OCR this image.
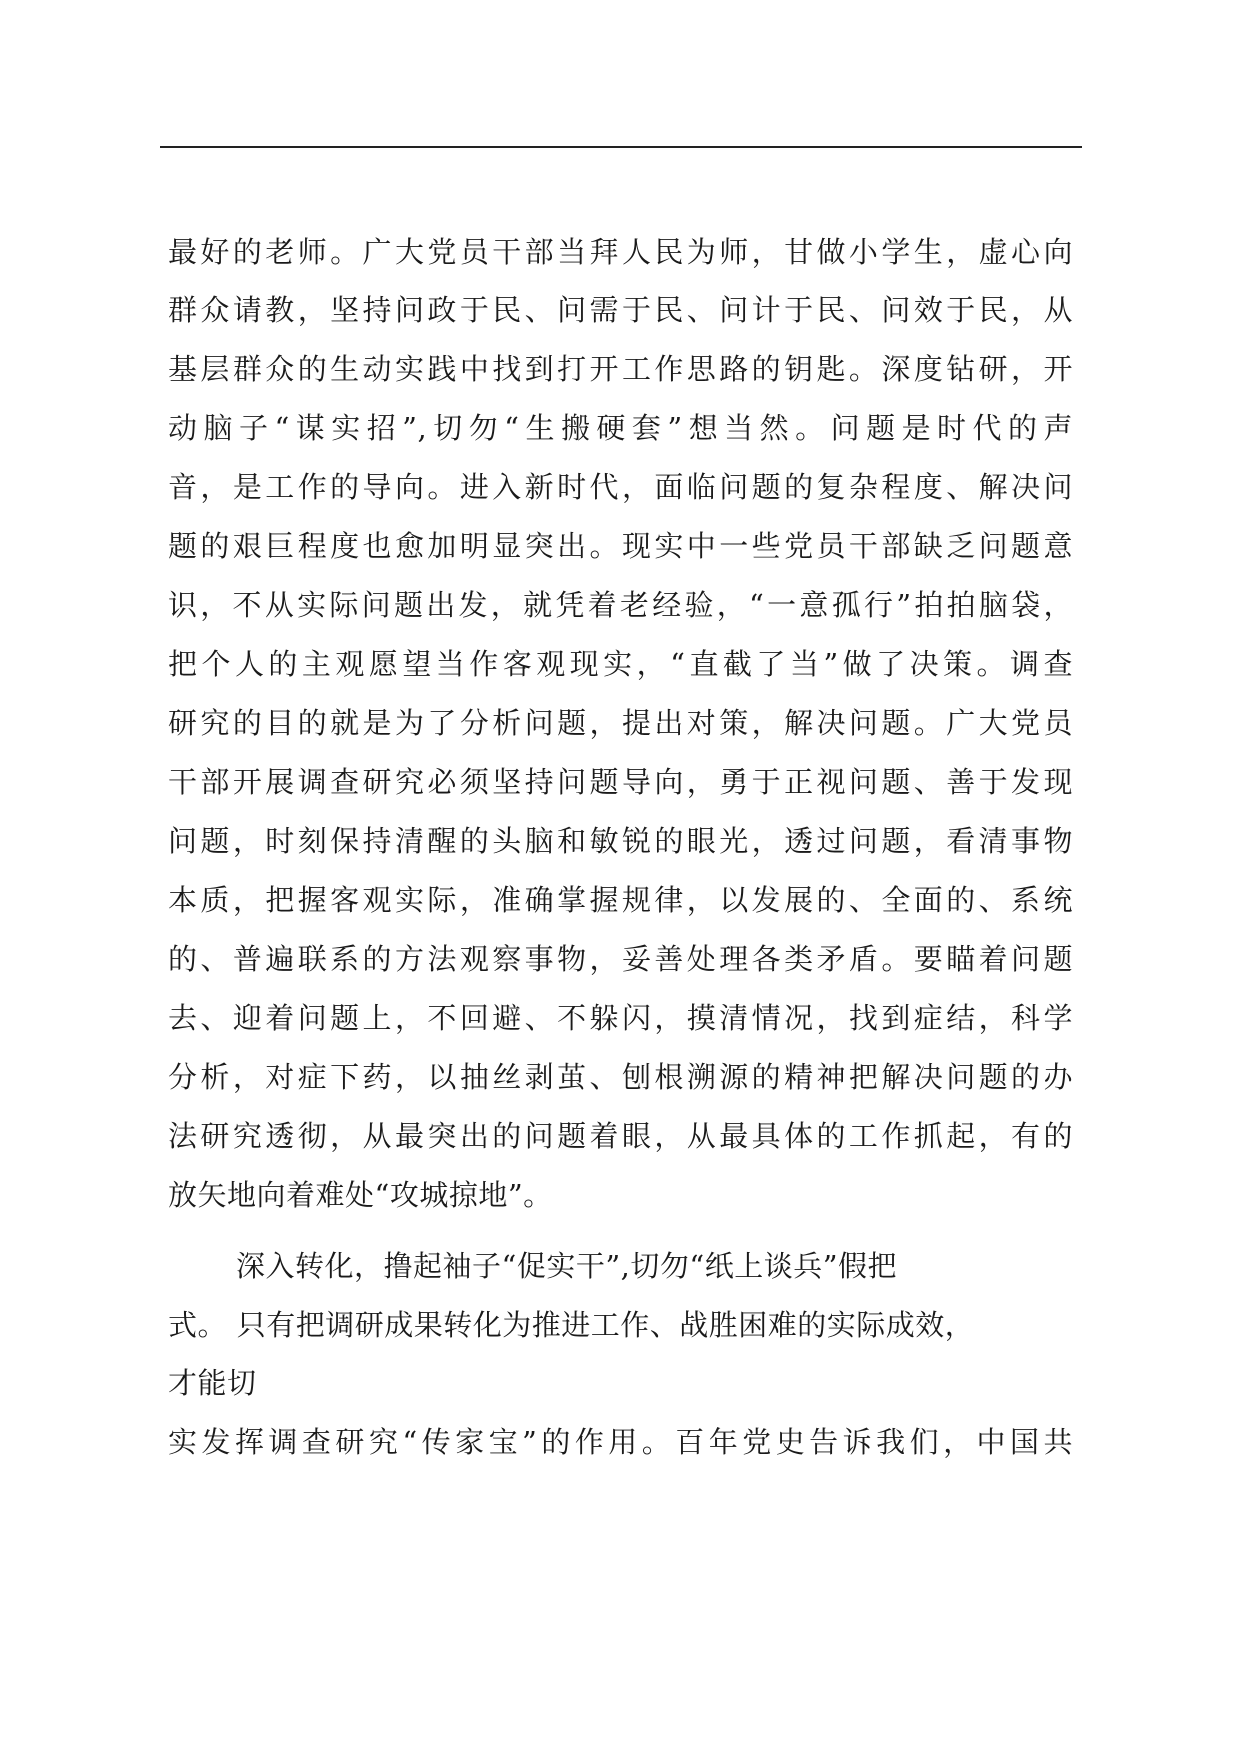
最好的老师。广大党员干部当拜人民为师，甘做小学生，虚心向
群众请教，坚持问政于民、问需于民、问计于民、问效于民，从
基层群众的生动实践中找到打开工作思路的钥匙。深度钻研，开
动脑子“谋实招”,切勿“生搬硬套”想当然。问题是时代的声
音，是工作的导向。进入新时代，面临问题的复杂程度、解决问
题的艰巨程度也愈加明显突出。现实中一些党员干部缺乏问题意
识，不从实际问题出发，就凭着老经验，“一意孤行”拍拍脑袋，
把个人的主观愿望当作客观现实，“直截了当”做了决策。调查
研究的目的就是为了分析问题，提出对策，解决问题。广大党员
干部开展调查研究必须坚持问题导向，勇于正视问题、善于发现
问题，时刻保持清醒的头脑和敏锐的眼光，透过问题，看清事物
本质，把握客观实际，准确掌握规律，以发展的、全面的、系统
的、普遍联系的方法观察事物，妥善处理各类矛盾。要瞄着问题
去、迎着问题上，不回避、不躲闪，摸清情况，找到症结，科学
分析，对症下药，以抽丝剥茧、刨根溯源的精神把解决问题的办
法研究透彻，从最突出的问题着眼，从最具体的工作抓起，有的
放矢地向着难处“攻城掠地”。
深入转化，撸起袖子“促实干”,切勿“纸上谈兵”假把
式。 只有把调研成果转化为推进工作、战胜困难的实际成效，
才能切
实发挥调查研究“传家宝”的作用。百年党史告诉我们，中国共
